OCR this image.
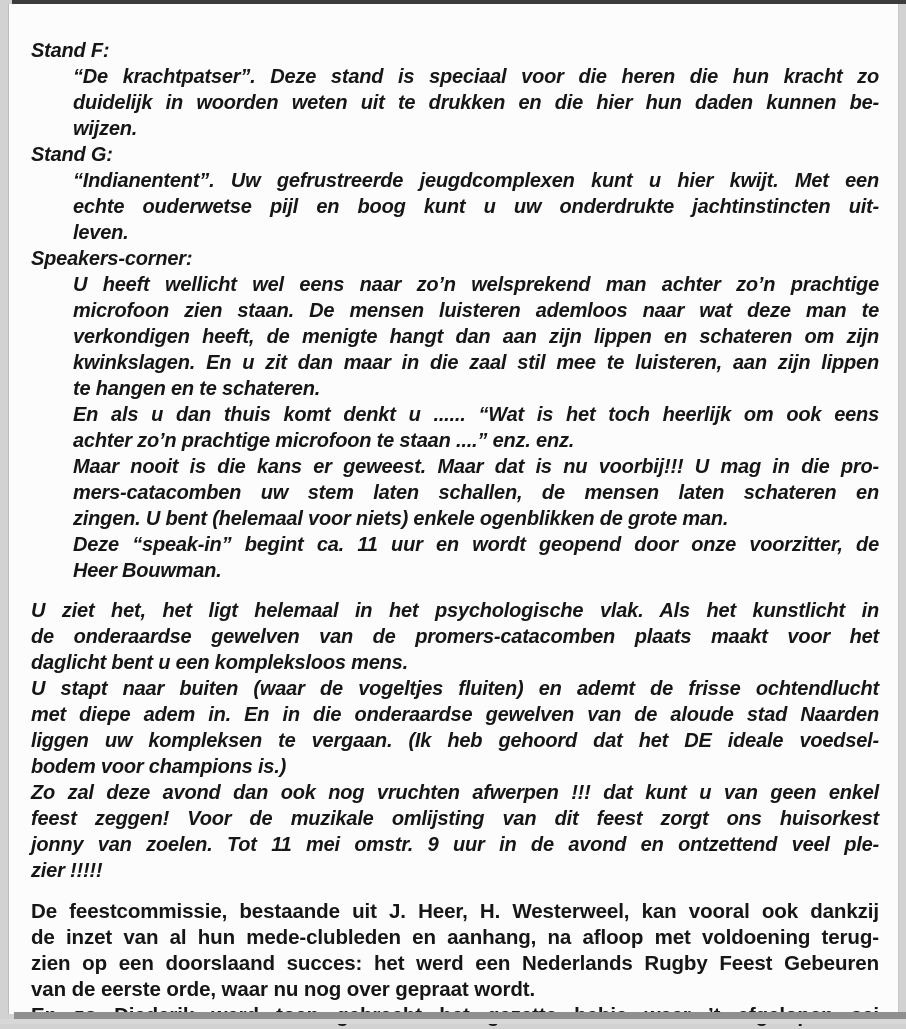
Stand F:
“De krachtpatser”. Deze stand is speciaal voor die heren die hun kracht zo
duidelijk in woorden weten uit te drukken en die hier hun daden kunnen be-
wijzen.
Stand G:
“Indianentent”. Uw gefrustreerde jeugdcomplexen kunt u hier kwijt. Met een
echte ouderwetse pijl en boog kunt u uw onderdrukte jachtinstincten uit-
leven.
Speakers-corner:
U heeft wellicht wel eens naar zo’n welsprekend man achter zo’n prachtige
microfoon zien staan. De mensen luisteren ademloos naar wat deze man te
verkondigen heeft, de menigte hangt dan aan zijn lippen en schateren om zijn
kwinkslagen. En u zit dan maar in die zaal stil mee te luisteren, aan zijn lippen
te hangen en te schateren.
En als u dan thuis komt denkt u ...... “Wat is het toch heerlijk om ook eens
achter zo’n prachtige microfoon te staan ....” enz. enz.
Maar nooit is die kans er geweest. Maar dat is nu voorbij!!! U mag in die pro-
mers-catacomben uw stem laten schallen, de mensen laten schateren en
zingen. U bent (helemaal voor niets) enkele ogenblikken de grote man.
Deze “speak-in” begint ca. 11 uur en wordt geopend door onze voorzitter, de
Heer Bouwman.
U ziet het, het ligt helemaal in het psychologische vlak. Als het kunstlicht in
de onderaardse gewelven van de promers-catacomben plaats maakt voor het
daglicht bent u een kompleksloos mens.
U stapt naar buiten (waar de vogeltjes fluiten) en ademt de frisse ochtendlucht
met diepe adem in. En in die onderaardse gewelven van de aloude stad Naarden
liggen uw kompleksen te vergaan. (Ik heb gehoord dat het DE ideale voedsel-
bodem voor champions is.)
Zo zal deze avond dan ook nog vruchten afwerpen !!! dat kunt u van geen enkel
feest zeggen! Voor de muzikale omlijsting van dit feest zorgt ons huisorkest
jonny van zoelen. Tot 11 mei omstr. 9 uur in de avond en ontzettend veel ple-
zier !!!!!
De feestcommissie, bestaande uit J. Heer, H. Westerweel, kan vooral ook dankzij
de inzet van al hun mede-clubleden en aanhang, na afloop met voldoening terug-
zien op een doorslaand succes: het werd een Nederlands Rugby Feest Gebeuren
van de eerste orde, waar nu nog over gepraat wordt.
